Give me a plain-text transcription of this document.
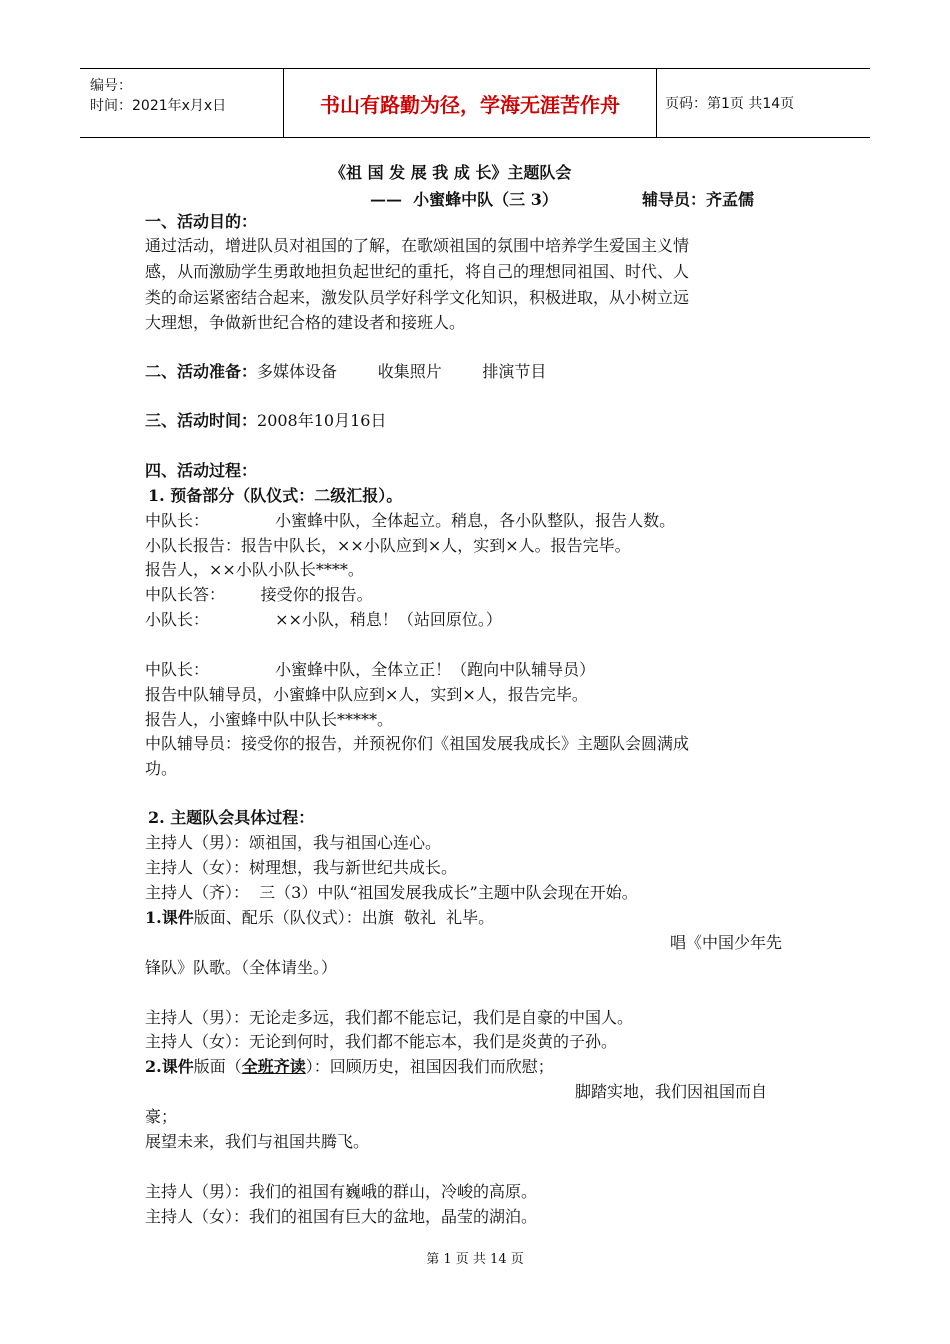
编号：
时间：2021年x月x日	书山有路勤为径，学海无涯苦作舟	页码：第1页 共14页
《祖 国 发 展 我 成 长》主题队会
——  小蜜蜂中队（三 3）	辅导员：齐孟儒
一、活动目的：
通过活动，增进队员对祖国的了解，在歌颂祖国的氛围中培养学生爱国主义情
感，从而激励学生勇敢地担负起世纪的重托，将自己的理想同祖国、时代、人
类的命运紧密结合起来，激发队员学好科学文化知识，积极进取，从小树立远
大理想，争做新世纪合格的建设者和接班人。
二、活动准备：多媒体设备        收集照片        排演节目
三、活动时间：2008年10月16日
四、活动过程：
1. 预备部分（队仪式：二级汇报）。
中队长：             小蜜蜂中队，全体起立。稍息，各小队整队，报告人数。
小队长报告：报告中队长，××小队应到×人，实到×人。报告完毕。
报告人，××小队小队长****。
中队长答：       接受你的报告。
小队长：             ××小队，稍息！（站回原位。）
中队长：             小蜜蜂中队，全体立正！（跑向中队辅导员）
报告中队辅导员，小蜜蜂中队应到×人，实到×人，报告完毕。
报告人，小蜜蜂中队中队长*****。
中队辅导员：接受你的报告，并预祝你们《祖国发展我成长》主题队会圆满成
功。
2. 主题队会具体过程：
主持人（男）：颂祖国，我与祖国心连心。
主持人（女）：树理想，我与新世纪共成长。
主持人（齐）：  三（3）中队“祖国发展我成长”主题中队会现在开始。
1.课件版面、配乐（队仪式）：出旗  敬礼  礼毕。
唱《中国少年先
锋队》队歌。（全体请坐。）
主持人（男）：无论走多远，我们都不能忘记，我们是自豪的中国人。
主持人（女）：无论到何时，我们都不能忘本，我们是炎黄的子孙。
2.课件版面（全班齐读）：回顾历史，祖国因我们而欣慰；
脚踏实地，我们因祖国而自
豪；
展望未来，我们与祖国共腾飞。
主持人（男）：我们的祖国有巍峨的群山，冷峻的高原。
主持人（女）：我们的祖国有巨大的盆地，晶莹的湖泊。
第 1 页 共 14 页
